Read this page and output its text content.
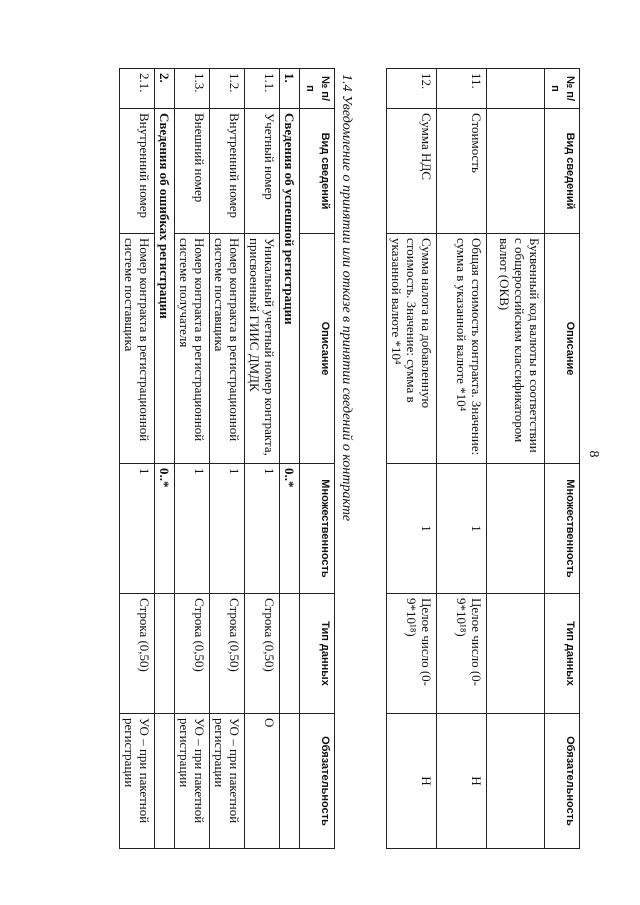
8
№ п/п	Вид сведений	Описание	Множественность	Тип данных	Обязательность
		Буквенный код валюты в соответствии с общероссийским классификатором валют (ОКВ)			
11.	Стоимость	Общая стоимость контракта. Значение: сумма в указанной валюте *10⁴	1	Целое число (0-9*10¹⁸)	Н
12.	Сумма НДС	Сумма налога на добавленную стоимость. Значение: сумма в указанной валюте *10⁴	1	Целое число (0-9*10¹⁸)	Н
1.4 Уведомление о принятии или отказе в принятии сведений о контракте
№ п/п	Вид сведений	Описание	Множественность	Тип данных	Обязательность
1.	Сведения об успешной регистрации		0..*		
1.1.	Учетный номер	Уникальный учетный номер контракта, присвоенный ГИИС ДМДК	1	Строка (0,50)	О
1.2.	Внутренний номер	Номер контракта в регистрационной системе поставщика	1	Строка (0,50)	УО – при пакетной регистрации
1.3.	Внешний номер	Номер контракта в регистрационной системе получателя	1	Строка (0,50)	УО – при пакетной регистрации
2.	Сведения об ошибках регистрации		0..*		
2.1.	Внутренний номер	Номер контракта в регистрационной системе поставщика	1	Строка (0,50)	УО – при пакетной регистрации
